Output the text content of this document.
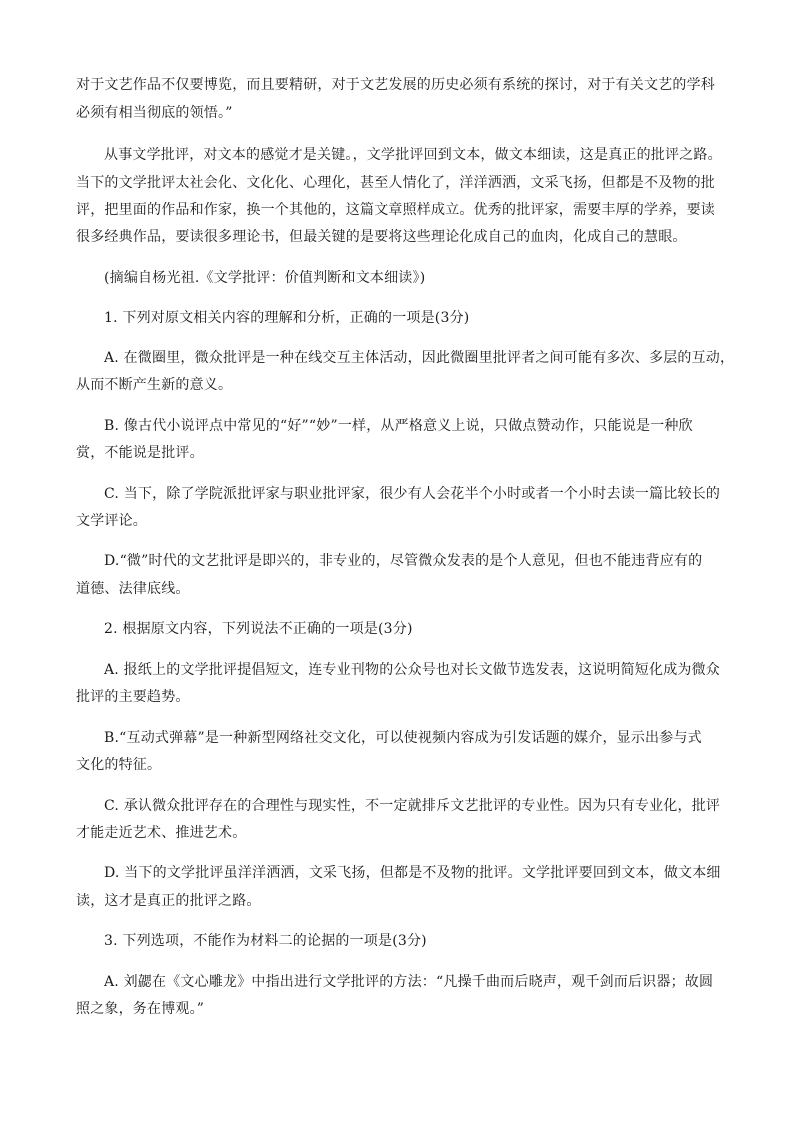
对于文艺作品不仅要博览，而且要精研，对于文艺发展的历史必须有系统的探讨，对于有关文艺的学科
必须有相当彻底的领悟。”
从事文学批评，对文本的感觉才是关键。，文学批评回到文本，做文本细读，这是真正的批评之路。
当下的文学批评太社会化、文化化、心理化，甚至人情化了，洋洋洒洒，文采飞扬，但都是不及物的批
评，把里面的作品和作家，换一个其他的，这篇文章照样成立。优秀的批评家，需要丰厚的学养，要读
很多经典作品，要读很多理论书，但最关键的是要将这些理论化成自己的血肉，化成自己的慧眼。
(摘编自杨光祖.《文学批评：价值判断和文本细读》)
1. 下列对原文相关内容的理解和分析，正确的一项是(3分)
A. 在微圈里，微众批评是一种在线交互主体活动，因此微圈里批评者之间可能有多次、多层的互动，
从而不断产生新的意义。
B. 像古代小说评点中常见的“好”“妙”一样，从严格意义上说，只做点赞动作，只能说是一种欣
赏，不能说是批评。
C. 当下，除了学院派批评家与职业批评家，很少有人会花半个小时或者一个小时去读一篇比较长的
文学评论。
D.“微”时代的文艺批评是即兴的，非专业的，尽管微众发表的是个人意见，但也不能违背应有的
道德、法律底线。
2. 根据原文内容，下列说法不正确的一项是(3分)
A. 报纸上的文学批评提倡短文，连专业刊物的公众号也对长文做节选发表，这说明简短化成为微众
批评的主要趋势。
B.“互动式弹幕”是一种新型网络社交文化，可以使视频内容成为引发话题的媒介，显示出参与式
文化的特征。
C. 承认微众批评存在的合理性与现实性，不一定就排斥文艺批评的专业性。因为只有专业化，批评
才能走近艺术、推进艺术。
D. 当下的文学批评虽洋洋洒洒，文采飞扬，但都是不及物的批评。文学批评要回到文本，做文本细
读，这才是真正的批评之路。
3. 下列选项，不能作为材料二的论据的一项是(3分)
A. 刘勰在《文心雕龙》中指出进行文学批评的方法：“凡操千曲而后晓声，观千剑而后识器；故圆
照之象，务在博观。”
